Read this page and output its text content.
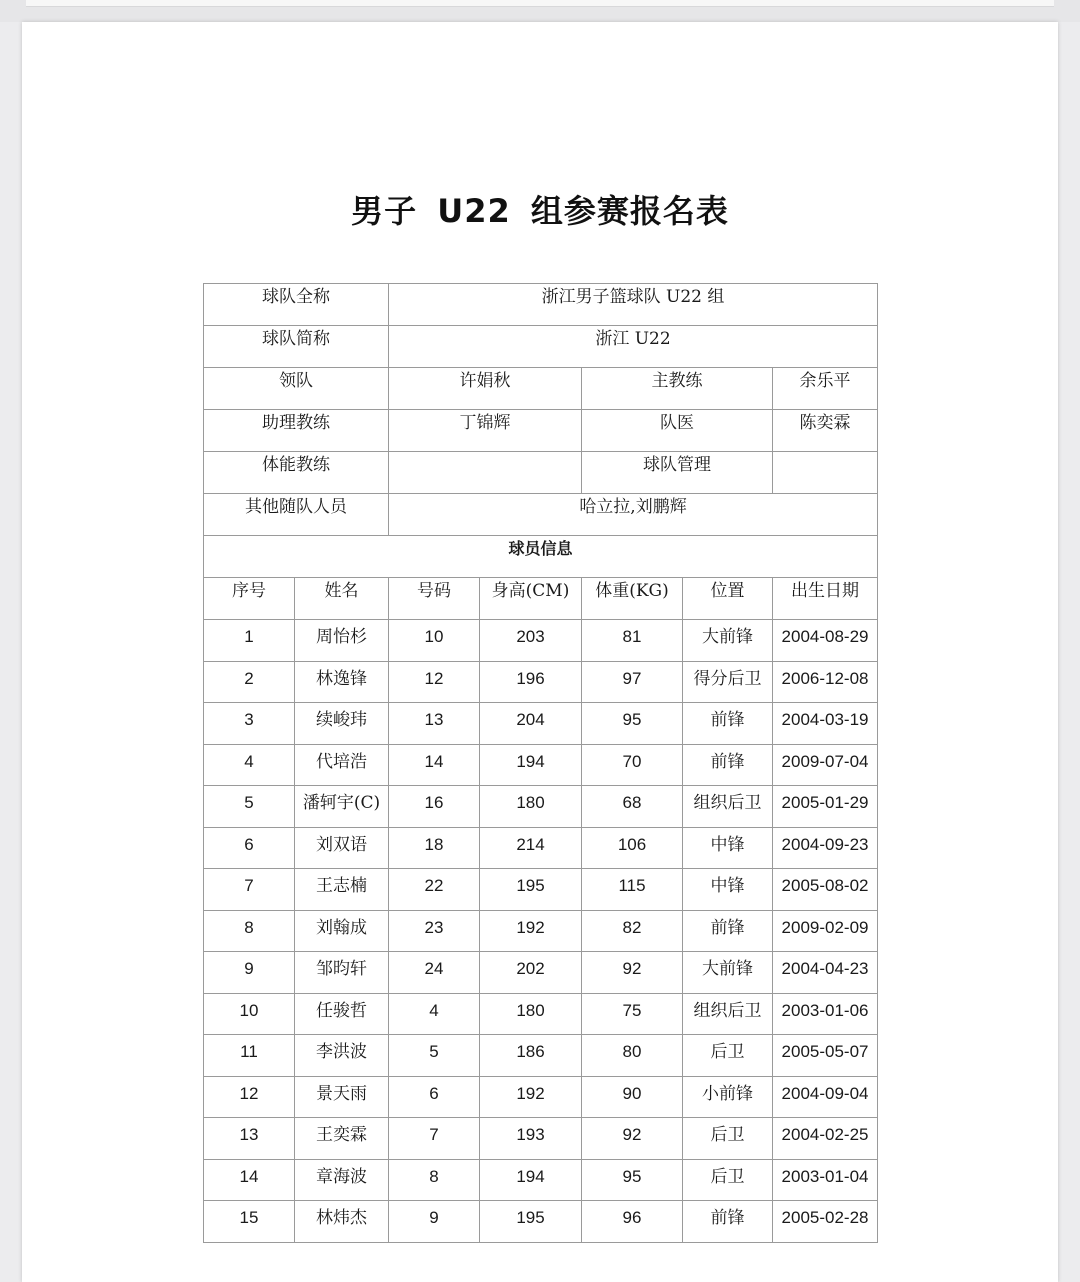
男子 U22 组参赛报名表
球队全称		浙江男子篮球队 U22 组				
球队简称		浙江 U22				
领队		许娟秋		主教练		余乐平
助理教练		丁锦辉		队医		陈奕霖
体能教练				球队管理		
其他随队人员		哈立拉,刘鹏辉				
球员信息						
序号	姓名	号码	身高(CM)	体重(KG)	位置	出生日期
1	周怡杉	10	203	81	大前锋	2004-08-29
2	林逸锋	12	196	97	得分后卫	2006-12-08
3	续峻玮	13	204	95	前锋	2004-03-19
4	代培浩	14	194	70	前锋	2009-07-04
5	潘轲宇(C)	16	180	68	组织后卫	2005-01-29
6	刘双语	18	214	106	中锋	2004-09-23
7	王志楠	22	195	115	中锋	2005-08-02
8	刘翰成	23	192	82	前锋	2009-02-09
9	邹昀轩	24	202	92	大前锋	2004-04-23
10	任骏哲	4	180	75	组织后卫	2003-01-06
11	李洪波	5	186	80	后卫	2005-05-07
12	景天雨	6	192	90	小前锋	2004-09-04
13	王奕霖	7	193	92	后卫	2004-02-25
14	章海波	8	194	95	后卫	2003-01-04
15	林炜杰	9	195	96	前锋	2005-02-28
